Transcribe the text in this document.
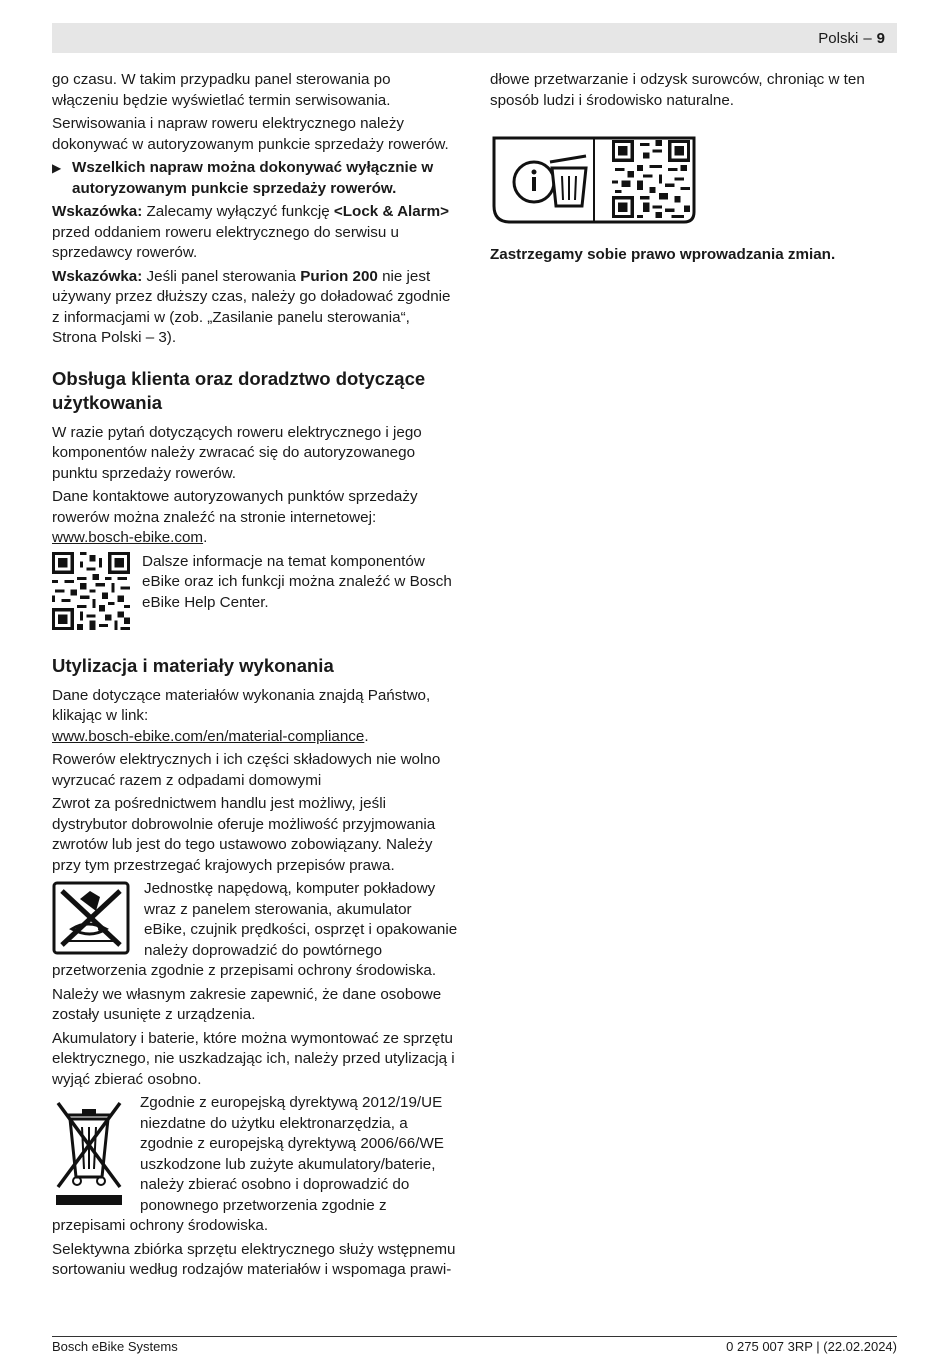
Polski – 9

go czasu. W takim przypadku panel sterowania po włączeniu będzie wyświetlać termin serwisowania.

Serwisowania i napraw roweru elektrycznego należy dokonywać w autoryzowanym punkcie sprzedaży rowerów.

▶ Wszelkich napraw można dokonywać wyłącznie w autoryzowanym punkcie sprzedaży rowerów.

Wskazówka: Zalecamy wyłączyć funkcję <Lock & Alarm> przed oddaniem roweru elektrycznego do serwisu u sprzedawcy rowerów.

Wskazówka: Jeśli panel sterowania Purion 200 nie jest używany przez dłuższy czas, należy go doładować zgodnie z informacjami w (zob. „Zasilanie panelu sterowania“, Strona Polski – 3).

Obsługa klienta oraz doradztwo dotyczące użytkowania

W razie pytań dotyczących roweru elektrycznego i jego komponentów należy zwracać się do autoryzowanego punktu sprzedaży rowerów.

Dane kontaktowe autoryzowanych punktów sprzedaży rowerów można znaleźć na stronie internetowej:

www.bosch-ebike.com.

Dalsze informacje na temat komponentów eBike oraz ich funkcji można znaleźć w Bosch eBike Help Center.
Utylizacja i materiały wykonania

Dane dotyczące materiałów wykonania znajdą Państwo, klikając w link:

www.bosch-ebike.com/en/material-compliance.

Rowerów elektrycznych i ich części składowych nie wolno wyrzucać razem z odpadami domowymi

Zwrot za pośrednictwem handlu jest możliwy, jeśli dystrybutor dobrowolnie oferuje możliwość przyjmowania zwrotów lub jest do tego ustawowo zobowiązany. Należy przy tym przestrzegać krajowych przepisów prawa.

Jednostkę napędową, komputer pokładowy wraz z panelem sterowania, akumulator eBike, czujnik prędkości, osprzęt i opakowanie należy doprowadzić do powtórnego przetworzenia zgodnie z przepisami ochrony środowiska.

Należy we własnym zakresie zapewnić, że dane osobowe zostały usunięte z urządzenia.

Akumulatory i baterie, które można wymontować ze sprzętu elektrycznego, nie uszkadzając ich, należy przed utylizacją i wyjąć zbierać osobno.

Zgodnie z europejską dyrektywą 2012/19/UE niezdatne do użytku elektronarzędzia, a zgodnie z europejską dyrektywą 2006/66/WE uszkodzone lub zużyte akumulatory/baterie, należy zbierać osobno i doprowadzić do ponownego przetworzenia zgodnie z przepisami ochrony środowiska.

Selektywna zbiórka sprzętu elektrycznego służy wstępnemu sortowaniu według rodzajów materiałów i wspomaga prawi-

dłowe przetwarzanie i odzysk surowców, chroniąc w ten sposób ludzi i środowisko naturalne.

Zastrzegamy sobie prawo wprowadzania zmian.

Bosch eBike Systems	0 275 007 3RP | (22.02.2024)
